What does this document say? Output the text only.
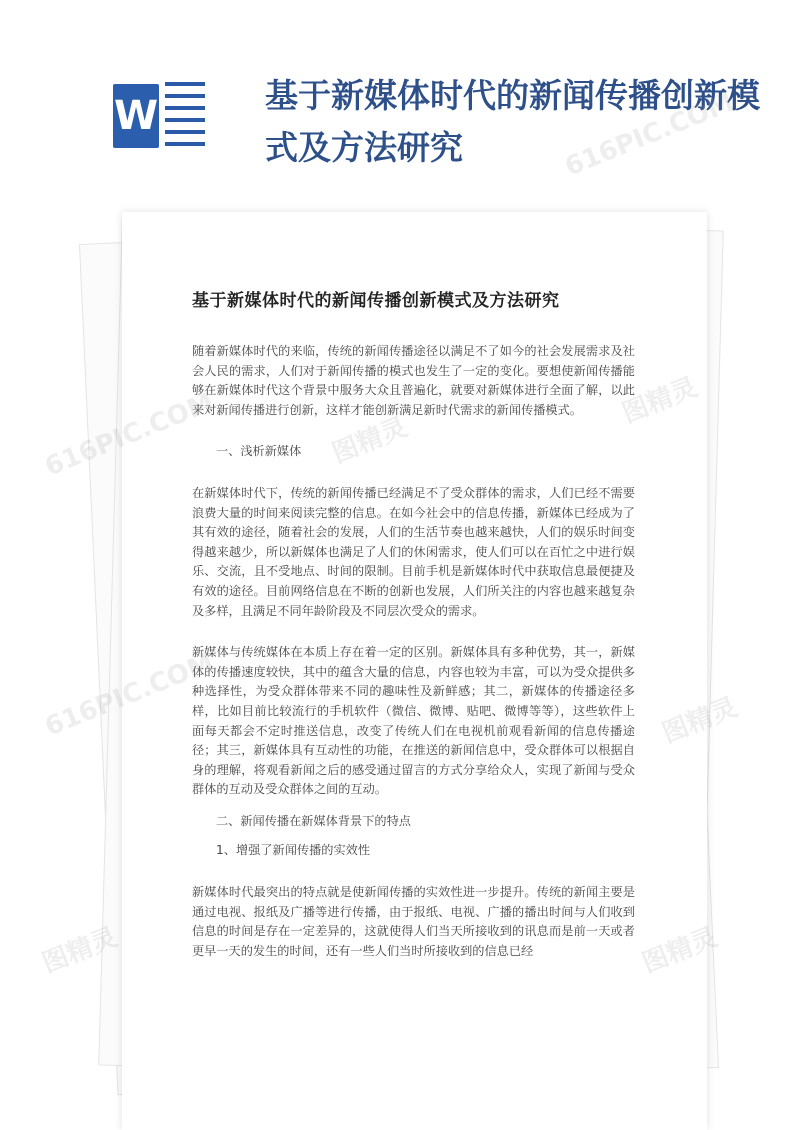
W	基于新媒体时代的新闻传播创新模式及方法研究
基于新媒体时代的新闻传播创新模式及方法研究

随着新媒体时代的来临，传统的新闻传播途径以满足不了如今的社会发展需求及社会人民的需求，人们对于新闻传播的模式也发生了一定的变化。要想使新闻传播能够在新媒体时代这个背景中服务大众且普遍化，就要对新媒体进行全面了解，以此来对新闻传播进行创新，这样才能创新满足新时代需求的新闻传播模式。

一、浅析新媒体

在新媒体时代下，传统的新闻传播已经满足不了受众群体的需求，人们已经不需要浪费大量的时间来阅读完整的信息。在如今社会中的信息传播，新媒体已经成为了其有效的途径，随着社会的发展，人们的生活节奏也越来越快，人们的娱乐时间变得越来越少，所以新媒体也满足了人们的休闲需求，使人们可以在百忙之中进行娱乐、交流，且不受地点、时间的限制。目前手机是新媒体时代中获取信息最便捷及有效的途径。目前网络信息在不断的创新也发展，人们所关注的内容也越来越复杂及多样，且满足不同年龄阶段及不同层次受众的需求。

新媒体与传统媒体在本质上存在着一定的区别。新媒体具有多种优势，其一，新媒体的传播速度较快，其中的蕴含大量的信息，内容也较为丰富，可以为受众提供多种选择性，为受众群体带来不同的趣味性及新鲜感；其二，新媒体的传播途径多样，比如目前比较流行的手机软件（微信、微博、贴吧、微博等等），这些软件上面每天都会不定时推送信息，改变了传统人们在电视机前观看新闻的信息传播途径；其三，新媒体具有互动性的功能，在推送的新闻信息中，受众群体可以根据自身的理解，将观看新闻之后的感受通过留言的方式分享给众人，实现了新闻与受众群体的互动及受众群体之间的互动。

二、新闻传播在新媒体背景下的特点

1、增强了新闻传播的实效性

新媒体时代最突出的特点就是使新闻传播的实效性进一步提升。传统的新闻主要是通过电视、报纸及广播等进行传播，由于报纸、电视、广播的播出时间与人们收到信息的时间是存在一定差异的，这就使得人们当天所接收到的讯息而是前一天或者更早一天的发生的时间，还有一些人们当时所接收到的信息已经

图精灵
616PIC.COM
